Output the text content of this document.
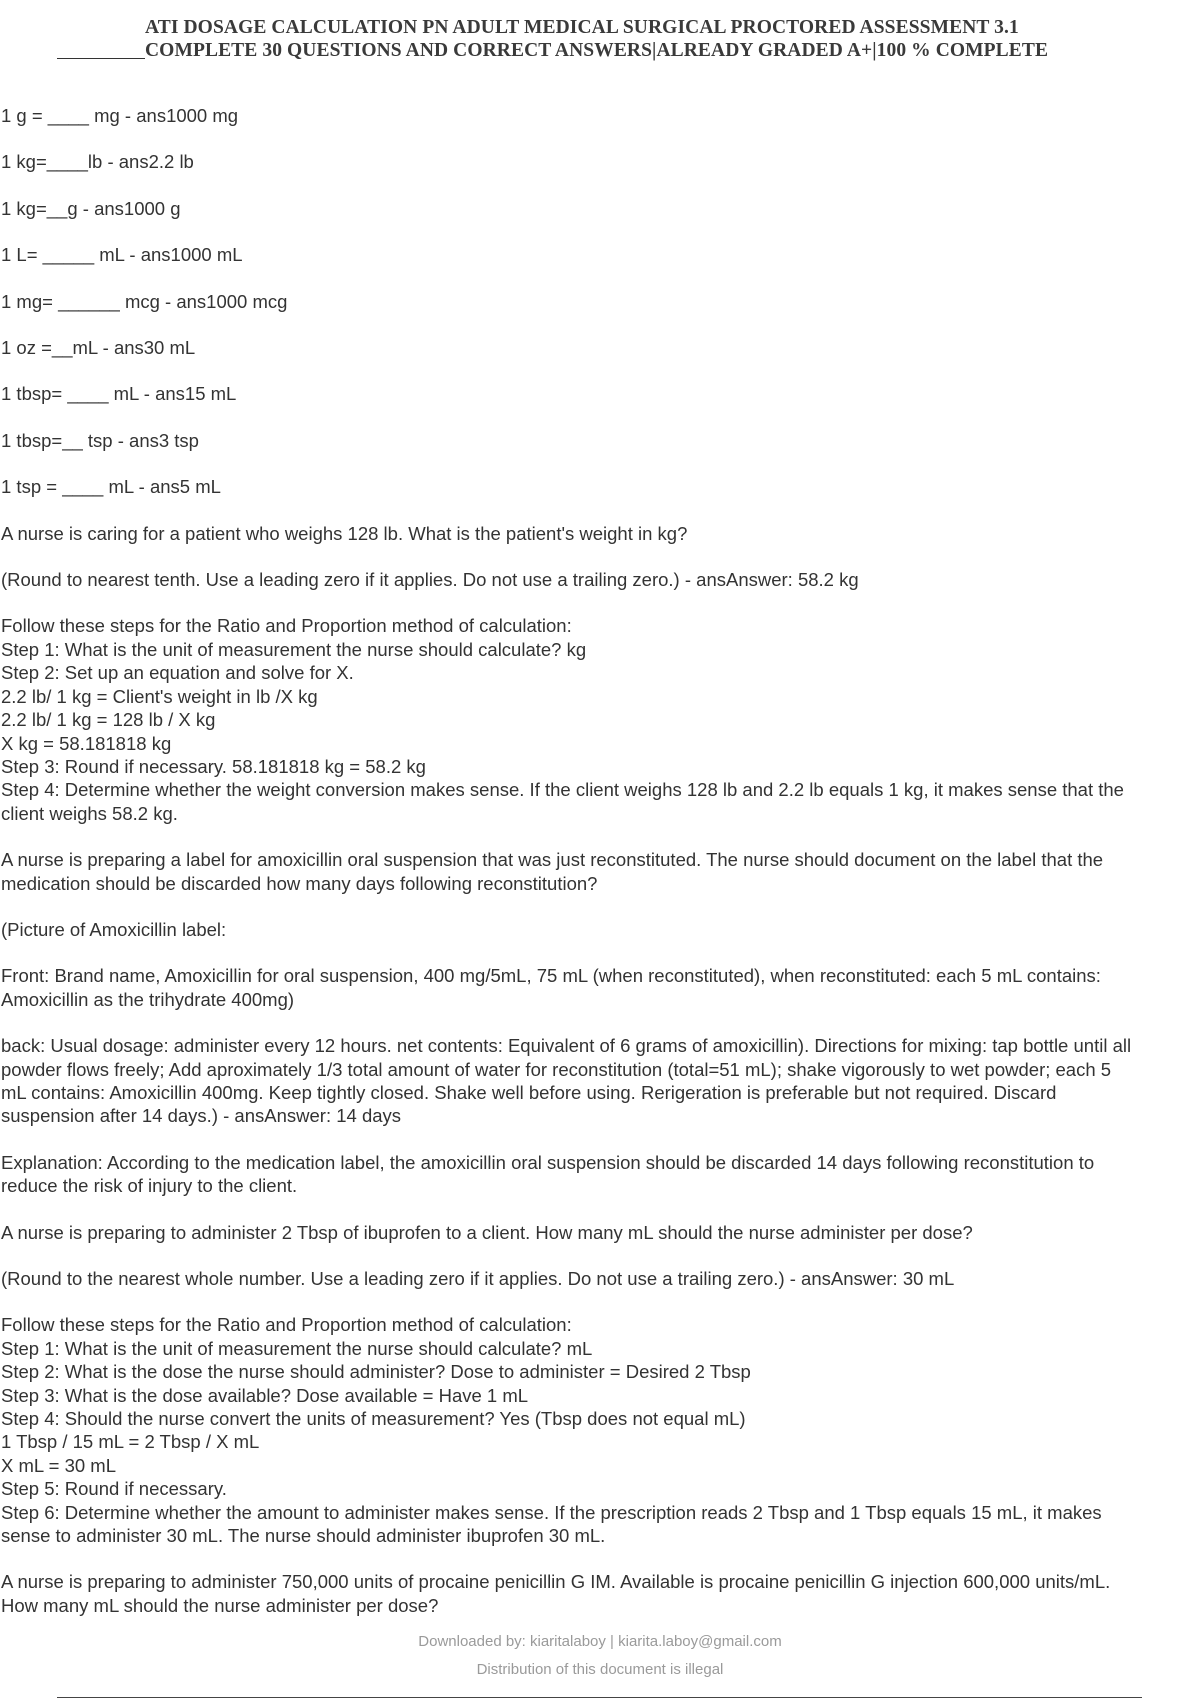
ATI DOSAGE CALCULATION PN ADULT MEDICAL SURGICAL PROCTORED ASSESSMENT 3.1
COMPLETE 30 QUESTIONS AND CORRECT ANSWERS|ALREADY GRADED A+|100 % COMPLETE

1 g = ____ mg - ans1000 mg

1 kg=____lb - ans2.2 lb

1 kg=__g - ans1000 g

1 L= _____ mL - ans1000 mL

1 mg= ______ mcg - ans1000 mcg

1 oz =__mL - ans30 mL

1 tbsp= ____ mL - ans15 mL

1 tbsp=__ tsp - ans3 tsp

1 tsp = ____ mL - ans5 mL

A nurse is caring for a patient who weighs 128 lb. What is the patient's weight in kg?

(Round to nearest tenth. Use a leading zero if it applies. Do not use a trailing zero.) - ansAnswer: 58.2 kg

Follow these steps for the Ratio and Proportion method of calculation:

Step 1: What is the unit of measurement the nurse should calculate? kg

Step 2: Set up an equation and solve for X.

2.2 lb/ 1 kg = Client's weight in lb /X kg

2.2 lb/ 1 kg = 128 lb / X kg

X kg = 58.181818 kg

Step 3: Round if necessary. 58.181818 kg = 58.2 kg

Step 4: Determine whether the weight conversion makes sense. If the client weighs 128 lb and 2.2 lb equals 1 kg, it makes sense that the client weighs 58.2 kg.

A nurse is preparing a label for amoxicillin oral suspension that was just reconstituted. The nurse should document on the label that the medication should be discarded how many days following reconstitution?

(Picture of Amoxicillin label:

Front: Brand name, Amoxicillin for oral suspension, 400 mg/5mL, 75 mL (when reconstituted), when reconstituted: each 5 mL contains: Amoxicillin as the trihydrate 400mg)

back: Usual dosage: administer every 12 hours. net contents: Equivalent of 6 grams of amoxicillin). Directions for mixing: tap bottle until all powder flows freely; Add aproximately 1/3 total amount of water for reconstitution (total=51 mL); shake vigorously to wet powder; each 5 mL contains: Amoxicillin 400mg. Keep tightly closed. Shake well before using. Rerigeration is preferable but not required. Discard suspension after 14 days.) - ansAnswer: 14 days

Explanation: According to the medication label, the amoxicillin oral suspension should be discarded 14 days following reconstitution to reduce the risk of injury to the client.

A nurse is preparing to administer 2 Tbsp of ibuprofen to a client. How many mL should the nurse administer per dose?

(Round to the nearest whole number. Use a leading zero if it applies. Do not use a trailing zero.) - ansAnswer: 30 mL

Follow these steps for the Ratio and Proportion method of calculation:

Step 1: What is the unit of measurement the nurse should calculate? mL

Step 2: What is the dose the nurse should administer? Dose to administer = Desired 2 Tbsp

Step 3: What is the dose available? Dose available = Have 1 mL

Step 4: Should the nurse convert the units of measurement? Yes (Tbsp does not equal mL)

1 Tbsp / 15 mL = 2 Tbsp / X mL

X mL = 30 mL

Step 5: Round if necessary.

Step 6: Determine whether the amount to administer makes sense. If the prescription reads 2 Tbsp and 1 Tbsp equals 15 mL, it makes sense to administer 30 mL. The nurse should administer ibuprofen 30 mL.

A nurse is preparing to administer 750,000 units of procaine penicillin G IM. Available is procaine penicillin G injection 600,000 units/mL. How many mL should the nurse administer per dose?

Downloaded by: kiaritalaboy | kiarita.laboy@gmail.com
Distribution of this document is illegal
